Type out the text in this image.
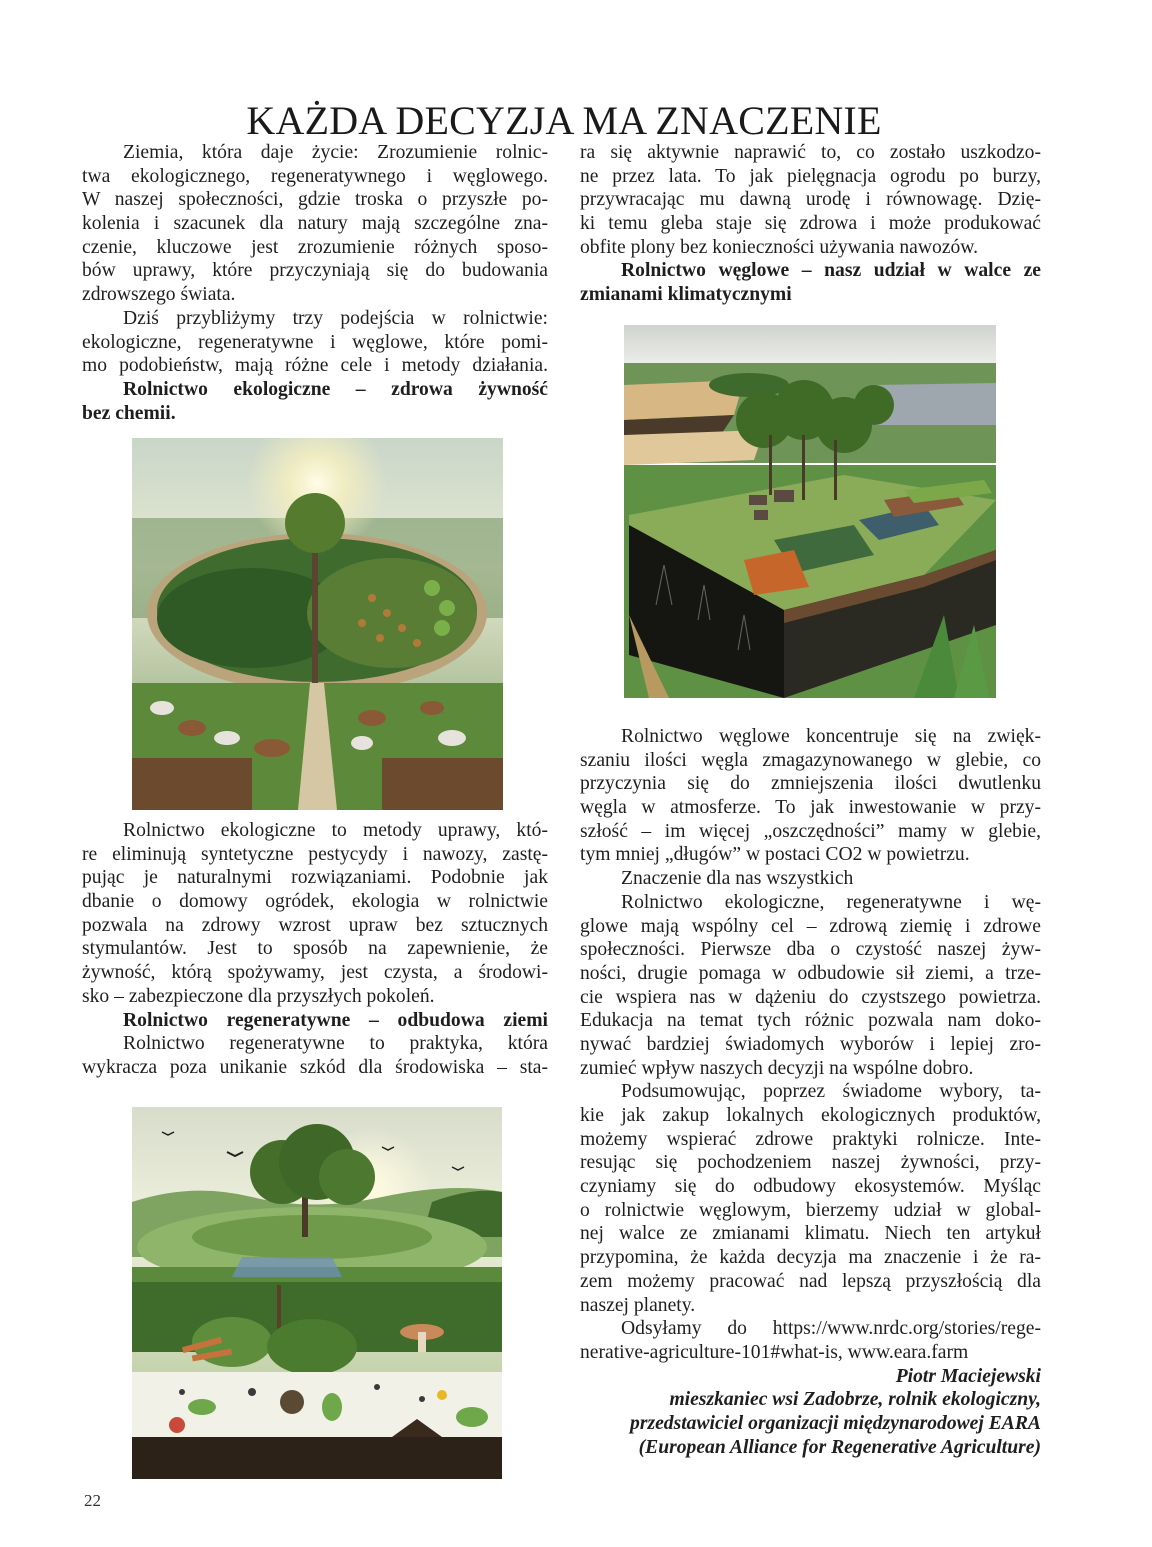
KAŻDA DECYZJA MA ZNACZENIE
Ziemia, która daje życie: Zrozumienie rolnic-
twa ekologicznego, regeneratywnego i węglowego.
W naszej społeczności, gdzie troska o przyszłe po-
kolenia i szacunek dla natury mają szczególne zna-
czenie, kluczowe jest zrozumienie różnych sposo-
bów uprawy, które przyczyniają się do budowania
zdrowszego świata.
Dziś przybliżymy trzy podejścia w rolnictwie:
ekologiczne, regeneratywne i węglowe, które pomi-
mo podobieństw, mają różne cele i metody działania.
Rolnictwo ekologiczne – zdrowa żywność
bez chemii.
Rolnictwo ekologiczne to metody uprawy, któ-
re eliminują syntetyczne pestycydy i nawozy, zastę-
pując je naturalnymi rozwiązaniami. Podobnie jak
dbanie o domowy ogródek, ekologia w rolnictwie
pozwala na zdrowy wzrost upraw bez sztucznych
stymulantów. Jest to sposób na zapewnienie, że
żywność, którą spożywamy, jest czysta, a środowi-
sko – zabezpieczone dla przyszłych pokoleń.
Rolnictwo regeneratywne – odbudowa ziemi
Rolnictwo regeneratywne to praktyka, która
wykracza poza unikanie szkód dla środowiska – sta-
ra się aktywnie naprawić to, co zostało uszkodzo-
ne przez lata. To jak pielęgnacja ogrodu po burzy,
przywracając mu dawną urodę i równowagę. Dzię-
ki temu gleba staje się zdrowa i może produkować
obfite plony bez konieczności używania nawozów.
Rolnictwo węglowe – nasz udział w walce ze
zmianami klimatycznymi
Rolnictwo węglowe koncentruje się na zwięk-
szaniu ilości węgla zmagazynowanego w glebie, co
przyczynia się do zmniejszenia ilości dwutlenku
węgla w atmosferze. To jak inwestowanie w przy-
szłość – im więcej „oszczędności” mamy w glebie,
tym mniej „długów” w postaci CO2 w powietrzu.
Znaczenie dla nas wszystkich
Rolnictwo ekologiczne, regeneratywne i wę-
glowe mają wspólny cel – zdrową ziemię i zdrowe
społeczności. Pierwsze dba o czystość naszej żyw-
ności, drugie pomaga w odbudowie sił ziemi, a trze-
cie wspiera nas w dążeniu do czystszego powietrza.
Edukacja na temat tych różnic pozwala nam doko-
nywać bardziej świadomych wyborów i lepiej zro-
zumieć wpływ naszych decyzji na wspólne dobro.
Podsumowując, poprzez świadome wybory, ta-
kie jak zakup lokalnych ekologicznych produktów,
możemy wspierać zdrowe praktyki rolnicze. Inte-
resując się pochodzeniem naszej żywności, przy-
czyniamy się do odbudowy ekosystemów. Myśląc
o rolnictwie węglowym, bierzemy udział w global-
nej walce ze zmianami klimatu. Niech ten artykuł
przypomina, że każda decyzja ma znaczenie i że ra-
zem możemy pracować nad lepszą przyszłością dla
naszej planety.
Odsyłamy do https://www.nrdc.org/stories/rege-
nerative-agriculture-101#what-is, www.eara.farm
Piotr Maciejewski
mieszkaniec wsi Zadobrze, rolnik ekologiczny,
przedstawiciel organizacji międzynarodowej EARA
(European Alliance for Regenerative Agriculture)
22
